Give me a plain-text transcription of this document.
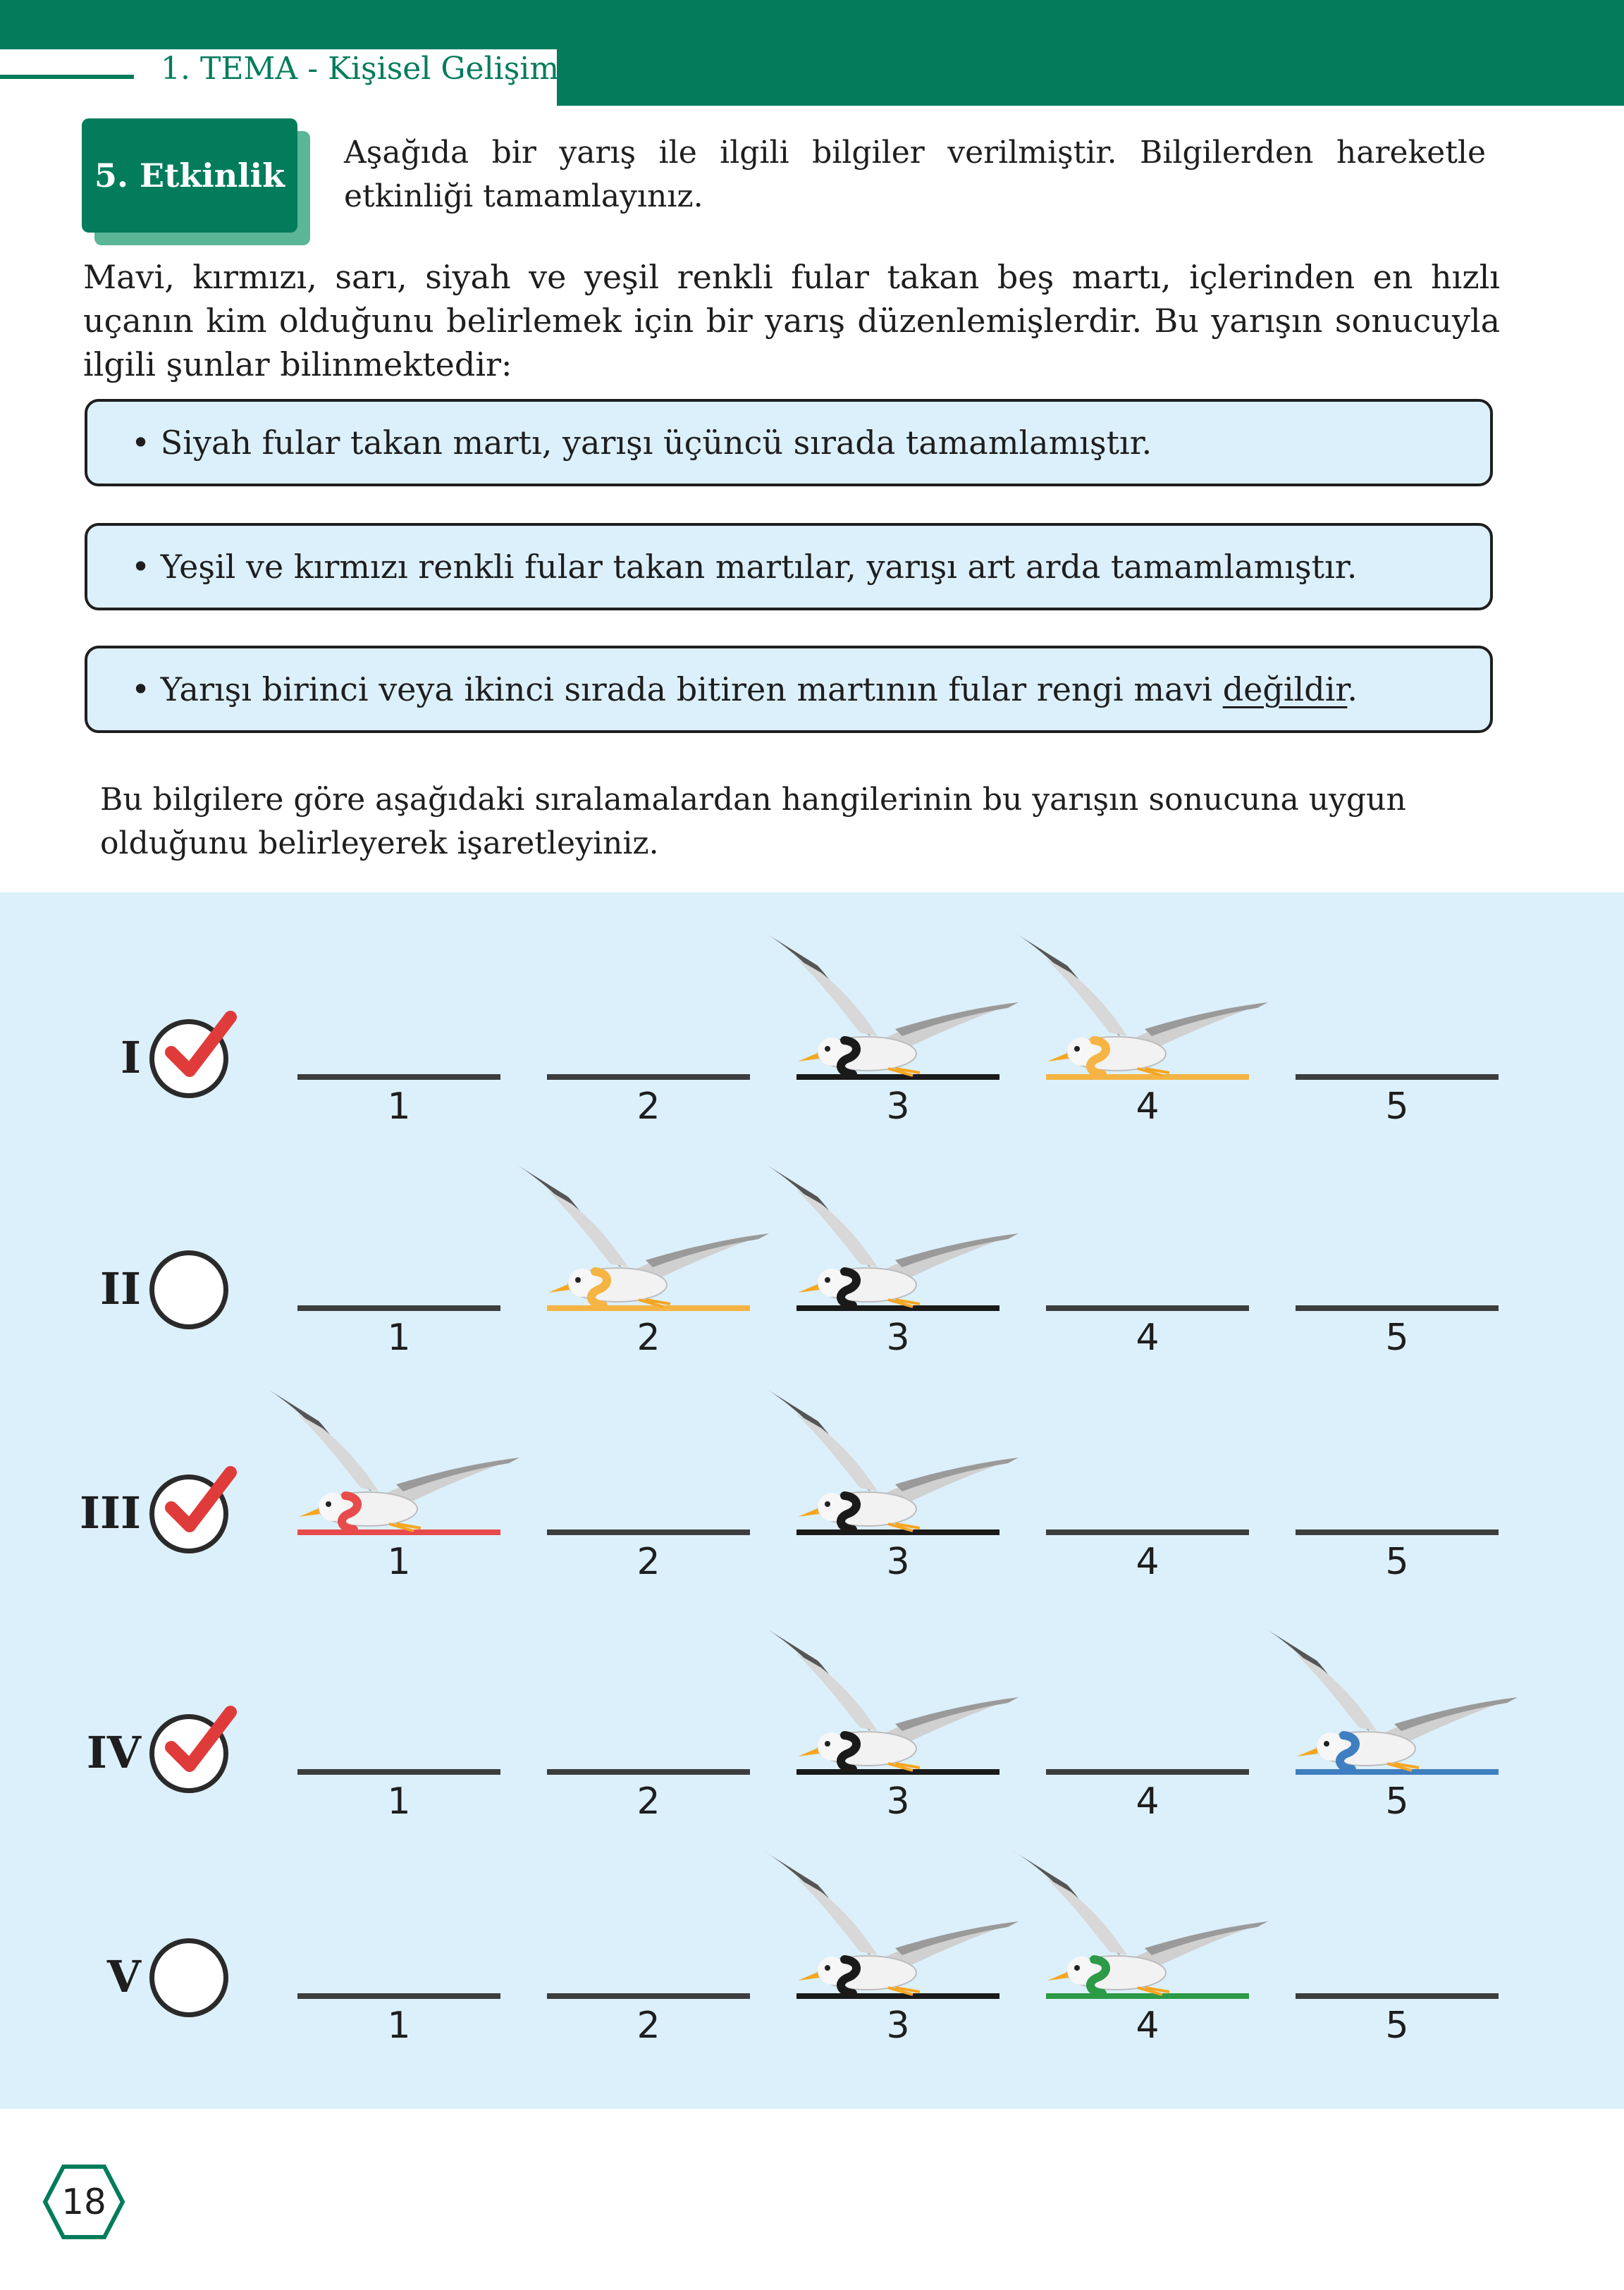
1. TEMA - Kişisel Gelişim
5. Etkinlik
Aşağıda bir yarış ile ilgili bilgiler verilmiştir. Bilgilerden hareketle etkinliği tamamlayınız.
Mavi, kırmızı, sarı, siyah ve yeşil renkli fular takan beş martı, içlerinden en hızlı uçanın kim olduğunu belirlemek için bir yarış düzenlemişlerdir. Bu yarışın sonucuyla ilgili şunlar bilinmektedir:
• Siyah fular takan martı, yarışı üçüncü sırada tamamlamıştır.
• Yeşil ve kırmızı renkli fular takan martılar, yarışı art arda tamamlamıştır.
• Yarışı birinci veya ikinci sırada bitiren martının fular rengi mavi değildir.
Bu bilgilere göre aşağıdaki sıralamalardan hangilerinin bu yarışın sonucuna uygun olduğunu belirleyerek işaretleyiniz.
I
1	2	3	4	5
II
1	2	3	4	5
III
1	2	3	4	5
IV
1	2	3	4	5
V
1	2	3	4	5
18
